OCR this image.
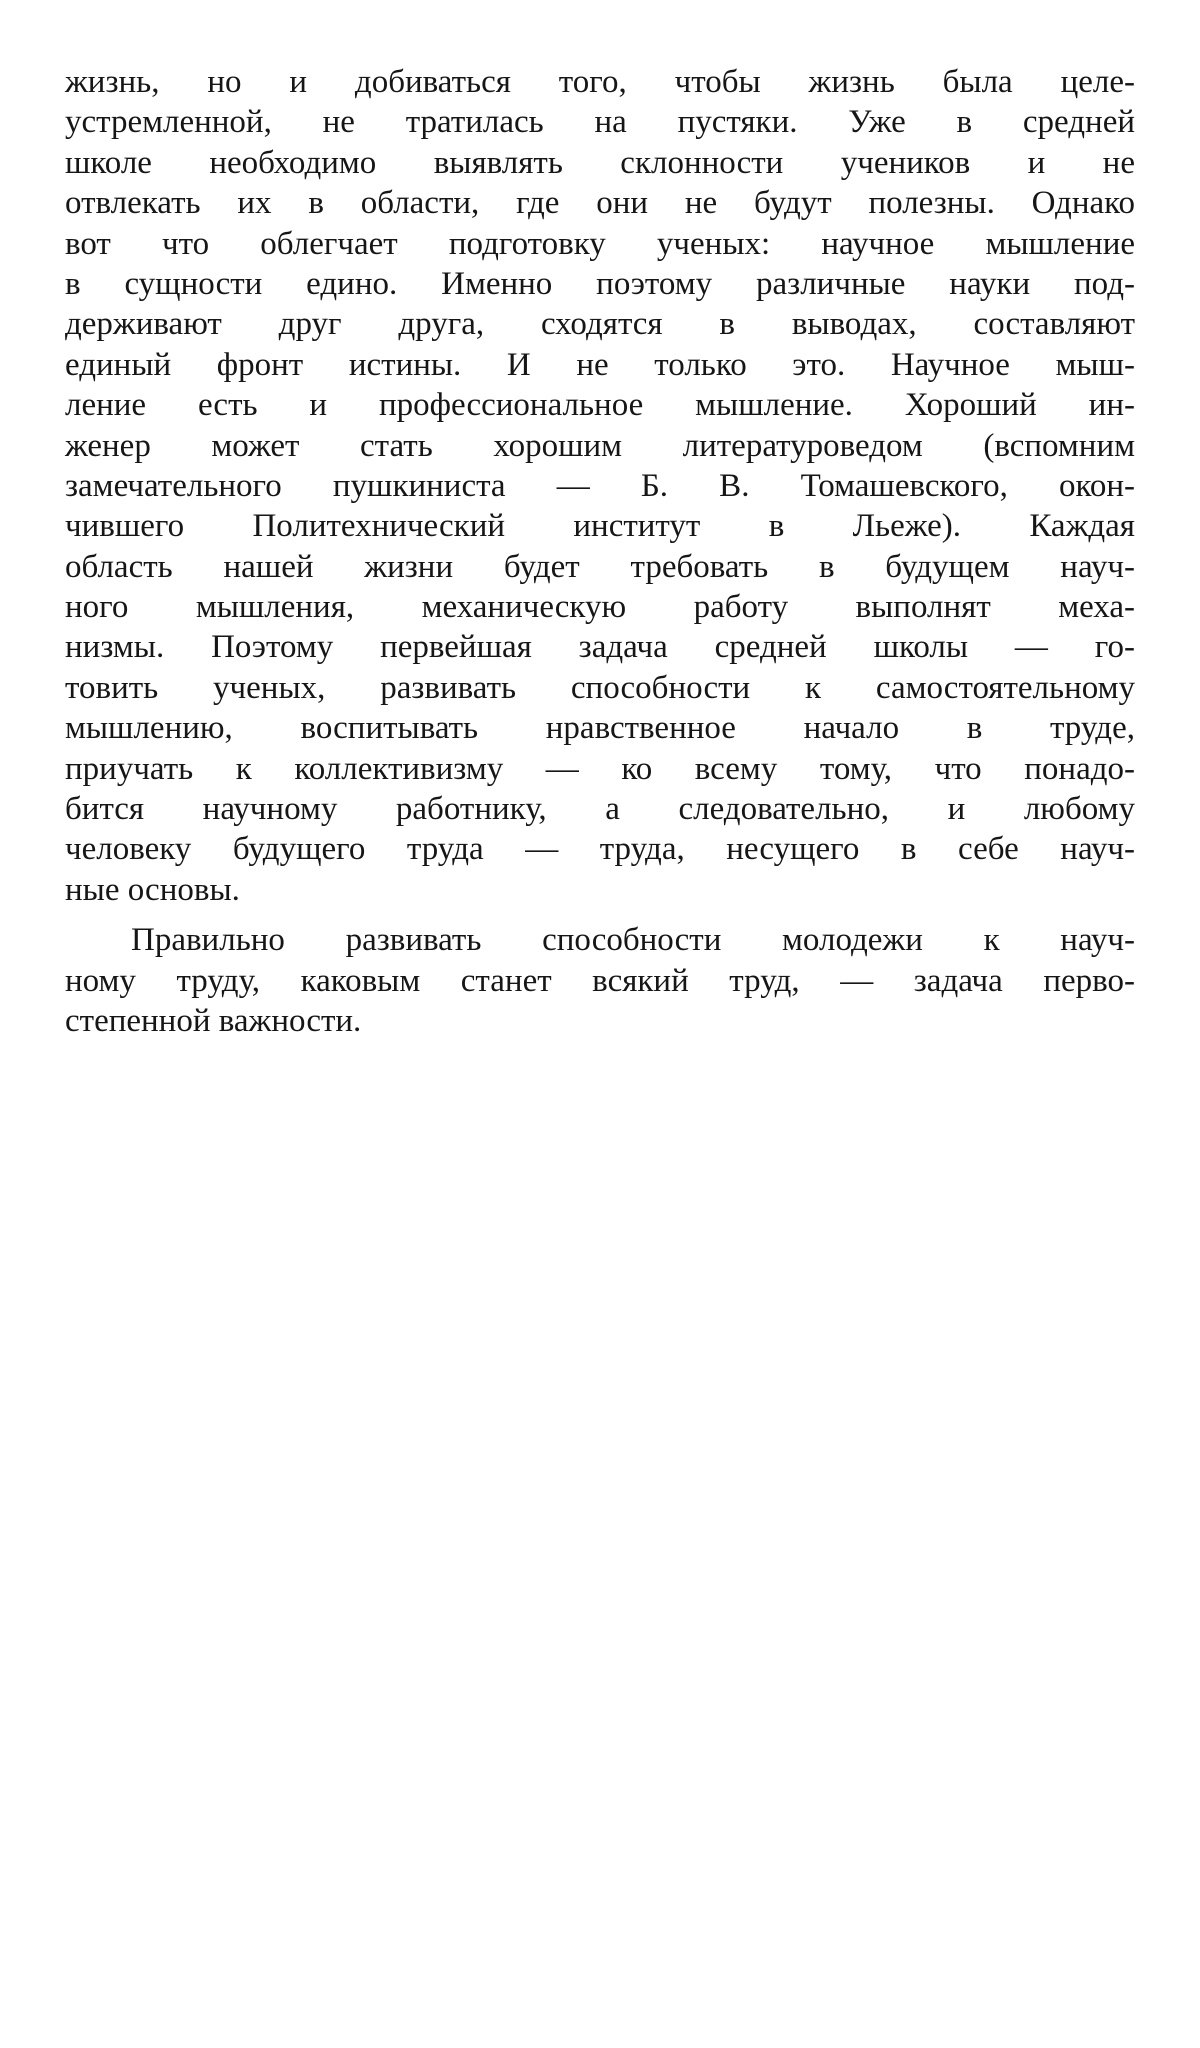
жизнь, но и добиваться того, чтобы жизнь была целе-
устремленной, не тратилась на пустяки. Уже в средней
школе необходимо выявлять склонности учеников и не
отвлекать их в области, где они не будут полезны. Однако
вот что облегчает подготовку ученых: научное мышление
в сущности едино. Именно поэтому различные науки под-
держивают друг друга, сходятся в выводах, составляют
единый фронт истины. И не только это. Научное мыш-
ление есть и профессиональное мышление. Хороший ин-
женер может стать хорошим литературоведом (вспомним
замечательного пушкиниста — Б. В. Томашевского, окон-
чившего Политехнический институт в Льеже). Каждая
область нашей жизни будет требовать в будущем науч-
ного мышления, механическую работу выполнят меха-
низмы. Поэтому первейшая задача средней школы — го-
товить ученых, развивать способности к самостоятельному
мышлению, воспитывать нравственное начало в труде,
приучать к коллективизму — ко всему тому, что понадо-
бится научному работнику, а следовательно, и любому
человеку будущего труда — труда, несущего в себе науч-
ные основы.
Правильно развивать способности молодежи к науч-
ному труду, каковым станет всякий труд, — задача перво-
степенной важности.
